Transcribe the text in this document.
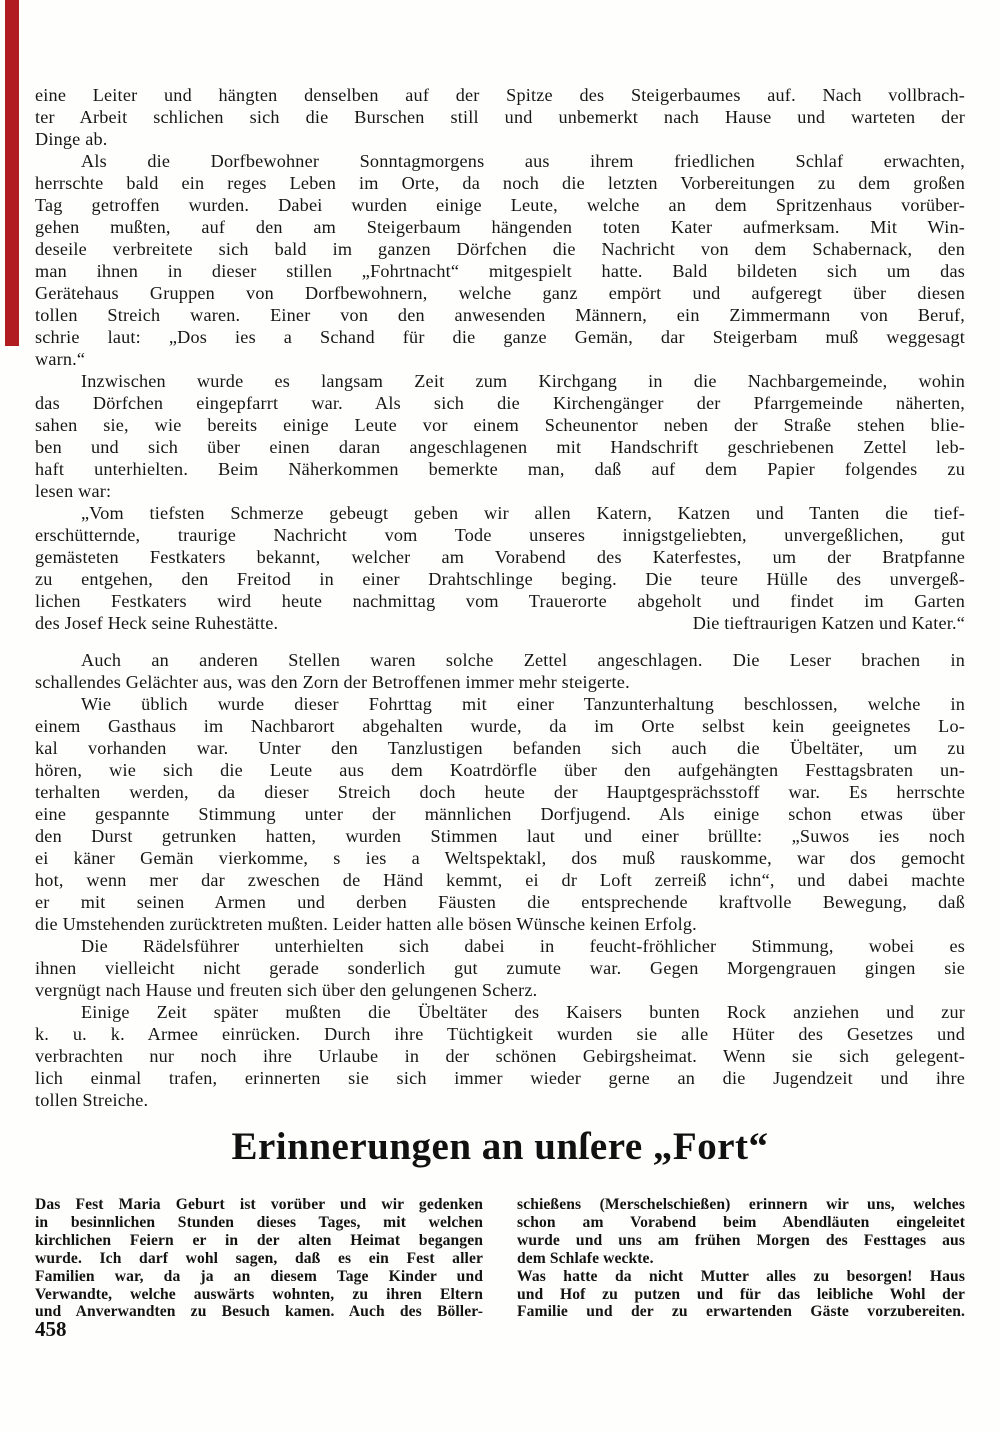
eine Leiter und hängten denselben auf der Spitze des Steigerbaumes auf. Nach vollbrach-
ter Arbeit schlichen sich die Burschen still und unbemerkt nach Hause und warteten der
Dinge ab.
Als die Dorfbewohner Sonntagmorgens aus ihrem friedlichen Schlaf erwachten,
herrschte bald ein reges Leben im Orte, da noch die letzten Vorbereitungen zu dem großen
Tag getroffen wurden. Dabei wurden einige Leute, welche an dem Spritzenhaus vorüber-
gehen mußten, auf den am Steigerbaum hängenden toten Kater aufmerksam. Mit Win-
deseile verbreitete sich bald im ganzen Dörfchen die Nachricht von dem Schabernack, den
man ihnen in dieser stillen „Fohrtnacht“ mitgespielt hatte. Bald bildeten sich um das
Gerätehaus Gruppen von Dorfbewohnern, welche ganz empört und aufgeregt über diesen
tollen Streich waren. Einer von den anwesenden Männern, ein Zimmermann von Beruf,
schrie laut: „Dos ies a Schand für die ganze Gemän, dar Steigerbam muß weggesagt
warn.“
Inzwischen wurde es langsam Zeit zum Kirchgang in die Nachbargemeinde, wohin
das Dörfchen eingepfarrt war. Als sich die Kirchengänger der Pfarrgemeinde näherten,
sahen sie, wie bereits einige Leute vor einem Scheunentor neben der Straße stehen blie-
ben und sich über einen daran angeschlagenen mit Handschrift geschriebenen Zettel leb-
haft unterhielten. Beim Näherkommen bemerkte man, daß auf dem Papier folgendes zu
lesen war:
„Vom tiefsten Schmerze gebeugt geben wir allen Katern, Katzen und Tanten die tief-
erschütternde, traurige Nachricht vom Tode unseres innigstgeliebten, unvergeßlichen, gut
gemästeten Festkaters bekannt, welcher am Vorabend des Katerfestes, um der Bratpfanne
zu entgehen, den Freitod in einer Drahtschlinge beging. Die teure Hülle des unvergeß-
lichen Festkaters wird heute nachmittag vom Trauerorte abgeholt und findet im Garten
des Josef Heck seine Ruhestätte.	Die tieftraurigen Katzen und Kater.“
Auch an anderen Stellen waren solche Zettel angeschlagen. Die Leser brachen in
schallendes Gelächter aus, was den Zorn der Betroffenen immer mehr steigerte.
Wie üblich wurde dieser Fohrttag mit einer Tanzunterhaltung beschlossen, welche in
einem Gasthaus im Nachbarort abgehalten wurde, da im Orte selbst kein geeignetes Lo-
kal vorhanden war. Unter den Tanzlustigen befanden sich auch die Übeltäter, um zu
hören, wie sich die Leute aus dem Koatrdörfle über den aufgehängten Festtagsbraten un-
terhalten werden, da dieser Streich doch heute der Hauptgesprächsstoff war. Es herrschte
eine gespannte Stimmung unter der männlichen Dorfjugend. Als einige schon etwas über
den Durst getrunken hatten, wurden Stimmen laut und einer brüllte: „Suwos ies noch
ei käner Gemän vierkomme, s ies a Weltspektakl, dos muß rauskomme, war dos gemocht
hot, wenn mer dar zweschen de Händ kemmt, ei dr Loft zerreiß ichn“, und dabei machte
er mit seinen Armen und derben Fäusten die entsprechende kraftvolle Bewegung, daß
die Umstehenden zurücktreten mußten. Leider hatten alle bösen Wünsche keinen Erfolg.
Die Rädelsführer unterhielten sich dabei in feucht-fröhlicher Stimmung, wobei es
ihnen vielleicht nicht gerade sonderlich gut zumute war. Gegen Morgengrauen gingen sie
vergnügt nach Hause und freuten sich über den gelungenen Scherz.
Einige Zeit später mußten die Übeltäter des Kaisers bunten Rock anziehen und zur
k. u. k. Armee einrücken. Durch ihre Tüchtigkeit wurden sie alle Hüter des Gesetzes und
verbrachten nur noch ihre Urlaube in der schönen Gebirgsheimat. Wenn sie sich gelegent-
lich einmal trafen, erinnerten sie sich immer wieder gerne an die Jugendzeit und ihre
tollen Streiche.
Erinnerungen an unſere „Fort“
Das Fest Maria Geburt ist vorüber und wir gedenken
in besinnlichen Stunden dieses Tages, mit welchen
kirchlichen Feiern er in der alten Heimat begangen
wurde. Ich darf wohl sagen, daß es ein Fest aller
Familien war, da ja an diesem Tage Kinder und
Verwandte, welche auswärts wohnten, zu ihren Eltern
und Anverwandten zu Besuch kamen. Auch des Böller-
schießens (Merschelschießen) erinnern wir uns, welches
schon am Vorabend beim Abendläuten eingeleitet
wurde und uns am frühen Morgen des Festtages aus
dem Schlafe weckte.
Was hatte da nicht Mutter alles zu besorgen! Haus
und Hof zu putzen und für das leibliche Wohl der
Familie und der zu erwartenden Gäste vorzubereiten.
458
